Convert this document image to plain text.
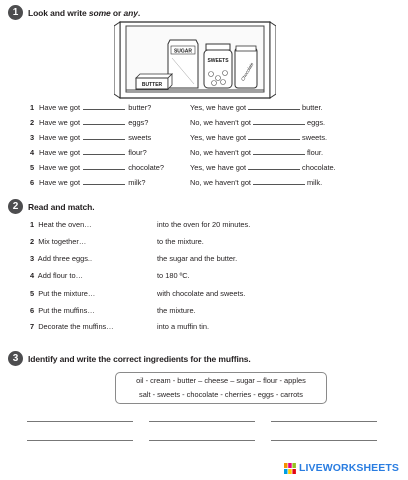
1	Look and write some or any.
SUGAR
SWEETS
Chocolate
BUTTER
1 Have we got	butter?	Yes, we have got	butter.
2 Have we got	eggs?	No, we haven't got	eggs.
3 Have we got	sweets	Yes, we have got	sweets.
4 Have we got	flour?	No, we haven't got	flour.
5 Have we got	chocolate?	Yes, we have got	chocolate.
6 Have we got	milk?	No, we haven't got	milk.
2	Read and match.
1 Heat the oven…	into the oven for 20 minutes.
2 Mix together…	to the mixture.
3 Add three eggs..	the sugar and the butter.
4 Add flour to…	to 180 ºC.
5 Put the mixture…	with chocolate and sweets.
6 Put the muffins…	the mixture.
7 Decorate the muffins…	into a muffin tin.
3	Identify and write the correct ingredients for the muffins.
oil - cream - butter – cheese – sugar – flour - apples
salt - sweets - chocolate - cherries - eggs - carrots
LIVEWORKSHEETS
